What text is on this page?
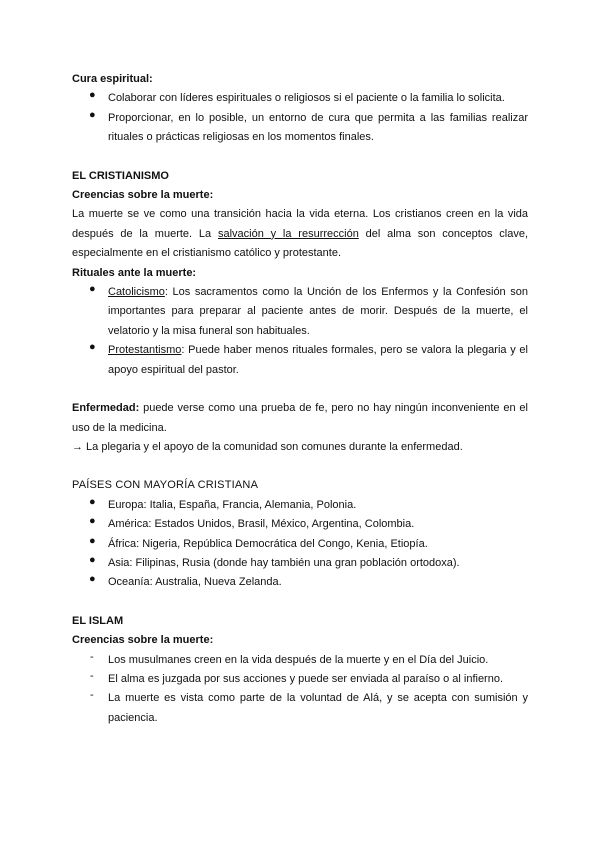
Cura espiritual:
● Colaborar con líderes espirituales o religiosos si el paciente o la familia lo solicita.
● Proporcionar, en lo posible, un entorno de cura que permita a las familias realizar
rituales o prácticas religiosas en los momentos finales.
EL CRISTIANISMO
Creencias sobre la muerte:
La muerte se ve como una transición hacia la vida eterna. Los cristianos creen en la vida
después de la muerte. La salvación y la resurrección del alma son conceptos clave,
especialmente en el cristianismo católico y protestante.
Rituales ante la muerte:
● Catolicismo: Los sacramentos como la Unción de los Enfermos y la Confesión son
importantes para preparar al paciente antes de morir. Después de la muerte, el
velatorio y la misa funeral son habituales.
● Protestantismo: Puede haber menos rituales formales, pero se valora la plegaria y el
apoyo espiritual del pastor.
Enfermedad: puede verse como una prueba de fe, pero no hay ningún inconveniente en el
uso de la medicina.
→ La plegaria y el apoyo de la comunidad son comunes durante la enfermedad.
PAÍSES CON MAYORÍA CRISTIANA
● Europa: Italia, España, Francia, Alemania, Polonia.
● América: Estados Unidos, Brasil, México, Argentina, Colombia.
● África: Nigeria, República Democrática del Congo, Kenia, Etiopía.
● Asia: Filipinas, Rusia (donde hay también una gran población ortodoxa).
● Oceanía: Australia, Nueva Zelanda.
EL ISLAM
Creencias sobre la muerte:
- Los musulmanes creen en la vida después de la muerte y en el Día del Juicio.
- El alma es juzgada por sus acciones y puede ser enviada al paraíso o al infierno.
- La muerte es vista como parte de la voluntad de Alá, y se acepta con sumisión y
paciencia.
